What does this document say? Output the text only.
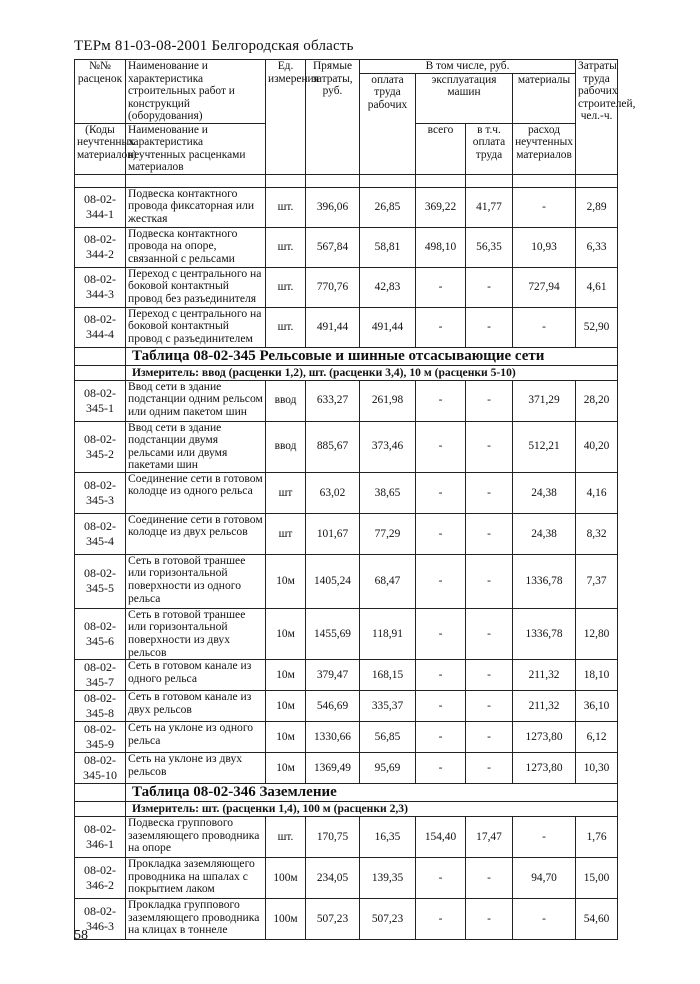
ТЕРм 81-03-08-2001 Белгородская область
№№ расценок	Наименование и характеристика строительных работ и конструкций (оборудования)	Ед. измерения	Прямые затраты, руб.	В том числе, руб.				Затраты труда рабочих строителей, чел.-ч.
				оплата труда рабочих	эксплуатация машин		материалы	
(Коды неучтенных материалов)	Наименование и характеристика неучтенных расценками материалов				всего	в т.ч. оплата труда	расход неучтенных материалов	

08-02-344-1	Подвеска контактного провода фиксаторная или жесткая	шт.	396,06	26,85	369,22	41,77	-	2,89
08-02-344-2	Подвеска контактного провода на опоре, связанной с рельсами	шт.	567,84	58,81	498,10	56,35	10,93	6,33
08-02-344-3	Переход с центрального на боковой контактный провод без разъединителя	шт.	770,76	42,83	-	-	727,94	4,61
08-02-344-4	Переход с центрального на боковой контактный провод с разъединителем	шт.	491,44	491,44	-	-	-	52,90
	Таблица 08-02-345 Рельсовые и шинные отсасывающие сети							
	Измеритель: ввод (расценки 1,2), шт. (расценки 3,4), 10 м (расценки 5-10)							
08-02-345-1	Ввод сети в здание подстанции одним рельсом или одним пакетом шин	ввод	633,27	261,98	-	-	371,29	28,20
08-02-345-2	Ввод сети в здание подстанции двумя рельсами или двумя пакетами шин	ввод	885,67	373,46	-	-	512,21	40,20
08-02-345-3	Соединение сети в готовом колодце из одного рельса	шт	63,02	38,65	-	-	24,38	4,16
08-02-345-4	Соединение сети в готовом колодце из двух рельсов	шт	101,67	77,29	-	-	24,38	8,32
08-02-345-5	Сеть в готовой траншее или горизонтальной поверхности из одного рельса	10м	1405,24	68,47	-	-	1336,78	7,37
08-02-345-6	Сеть в готовой траншее или горизонтальной поверхности из двух рельсов	10м	1455,69	118,91	-	-	1336,78	12,80
08-02-345-7	Сеть в готовом канале из одного рельса	10м	379,47	168,15	-	-	211,32	18,10
08-02-345-8	Сеть в готовом канале из двух рельсов	10м	546,69	335,37	-	-	211,32	36,10
08-02-345-9	Сеть на уклоне из одного рельса	10м	1330,66	56,85	-	-	1273,80	6,12
08-02-345-10	Сеть на уклоне из двух рельсов	10м	1369,49	95,69	-	-	1273,80	10,30
	Таблица 08-02-346 Заземление							
	Измеритель: шт. (расценки 1,4), 100 м (расценки 2,3)							
08-02-346-1	Подвеска группового заземляющего проводника на опоре	шт.	170,75	16,35	154,40	17,47	-	1,76
08-02-346-2	Прокладка заземляющего проводника на шпалах с покрытием лаком	100м	234,05	139,35	-	-	94,70	15,00
08-02-346-3	Прокладка группового заземляющего проводника на клицах в тоннеле	100м	507,23	507,23	-	-	-	54,60
58
